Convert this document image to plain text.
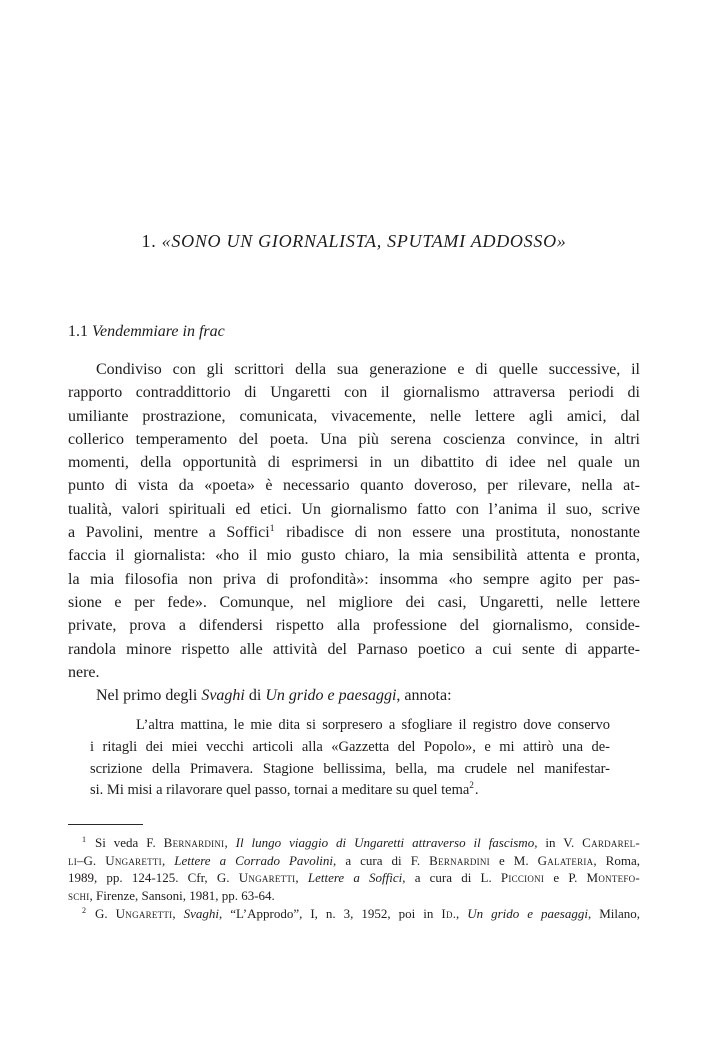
1. «SONO UN GIORNALISTA, SPUTAMI ADDOSSO»
1.1 Vendemmiare in frac
Condiviso con gli scrittori della sua generazione e di quelle successive, il
rapporto contraddittorio di Ungaretti con il giornalismo attraversa periodi di
umiliante prostrazione, comunicata, vivacemente, nelle lettere agli amici, dal
collerico temperamento del poeta. Una più serena coscienza convince, in altri
momenti, della opportunità di esprimersi in un dibattito di idee nel quale un
punto di vista da «poeta» è necessario quanto doveroso, per rilevare, nella at-
tualità, valori spirituali ed etici. Un giornalismo fatto con l’anima il suo, scrive
a Pavolini, mentre a Soffici$^1$ ribadisce di non essere una prostituta, nonostante
faccia il giornalista: «ho il mio gusto chiaro, la mia sensibilità attenta e pronta,
la mia filosofia non priva di profondità»: insomma «ho sempre agito per pas-
sione e per fede». Comunque, nel migliore dei casi, Ungaretti, nelle lettere
private, prova a difendersi rispetto alla professione del giornalismo, conside-
randola minore rispetto alle attività del Parnaso poetico a cui sente di apparte-
nere.
Nel primo degli Svaghi di Un grido e paesaggi, annota:
L’altra mattina, le mie dita si sorpresero a sfogliare il registro dove conservo
i ritagli dei miei vecchi articoli alla «Gazzetta del Popolo», e mi attirò una de-
scrizione della Primavera. Stagione bellissima, bella, ma crudele nel manifestar-
si. Mi misi a rilavorare quel passo, tornai a meditare su quel tema$^2$.
$^1$ Si veda F. Bernardini, Il lungo viaggio di Ungaretti attraverso il fascismo, in V. Cardarel-
li–G. Ungaretti, Lettere a Corrado Pavolini, a cura di F. Bernardini e M. Galateria, Roma,
1989, pp. 124-125. Cfr, G. Ungaretti, Lettere a Soffici, a cura di L. Piccioni e P. Montefo-
schi, Firenze, Sansoni, 1981, pp. 63-64.
$^2$ G. Ungaretti, Svaghi, “L’Approdo”, I, n. 3, 1952, poi in Id., Un grido e paesaggi, Milano,
